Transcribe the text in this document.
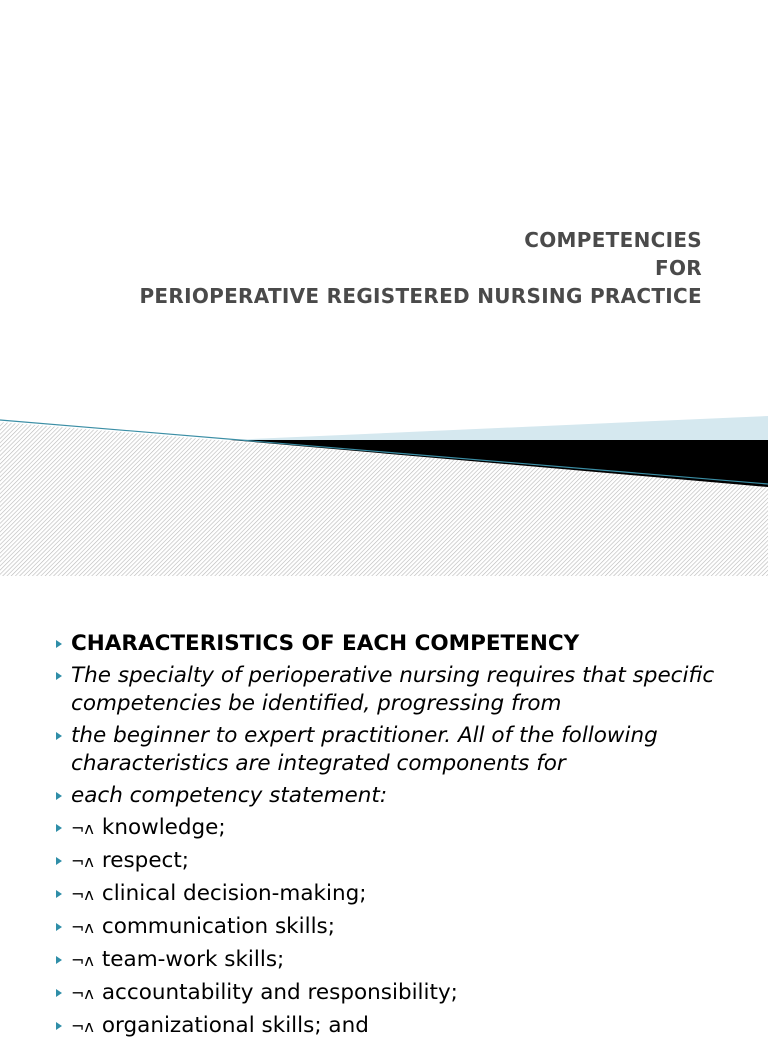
COMPETENCIES
FOR
PERIOPERATIVE REGISTERED NURSING PRACTICE
CHARACTERISTICS OF EACH COMPETENCY
The specialty of perioperative nursing requires that specific competencies be identified, progressing from
the beginner to expert practitioner. All of the following characteristics are integrated components for
each competency statement:
¬ʌ knowledge;
¬ʌ respect;
¬ʌ clinical decision-making;
¬ʌ communication skills;
¬ʌ team-work skills;
¬ʌ accountability and responsibility;
¬ʌ organizational skills; and
